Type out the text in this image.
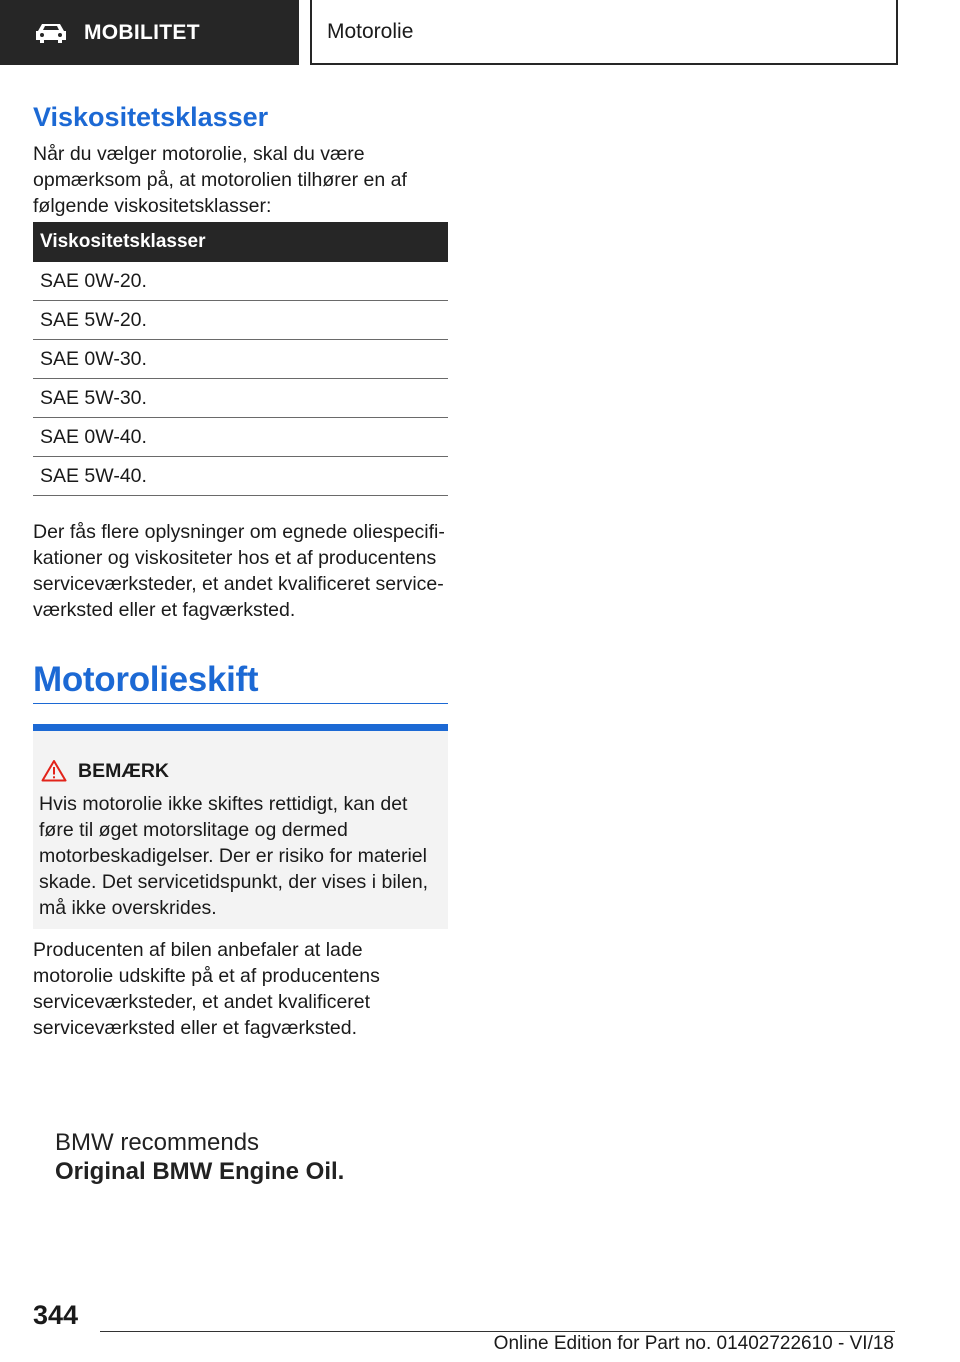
MOBILITET	Motorolie
Viskositetsklasser

Når du vælger motorolie, skal du være opmærksom på, at motorolien tilhører en af følgende viskositetsklasser:

Viskositetsklasser
SAE 0W-20.
SAE 5W-20.
SAE 0W-30.
SAE 5W-30.
SAE 0W-40.
SAE 5W-40.

Der fås flere oplysninger om egnede oliespecifikationer og viskositeter hos et af producentens serviceværksteder, et andet kvalificeret serviceværksted eller et fagværksted.

Motorolieskift
BEMÆRK
Hvis motorolie ikke skiftes rettidigt, kan det føre til øget motorslitage og dermed motorbeskadigelser. Der er risiko for materiel skade. Det servicetidspunkt, der vises i bilen, må ikke overskrides.

Producenten af bilen anbefaler at lade motorolie udskifte på et af producentens serviceværksteder, et andet kvalificeret serviceværksted eller et fagværksted.

BMW recommends
Original BMW Engine Oil.
344
Online Edition for Part no. 01402722610 - VI/18
